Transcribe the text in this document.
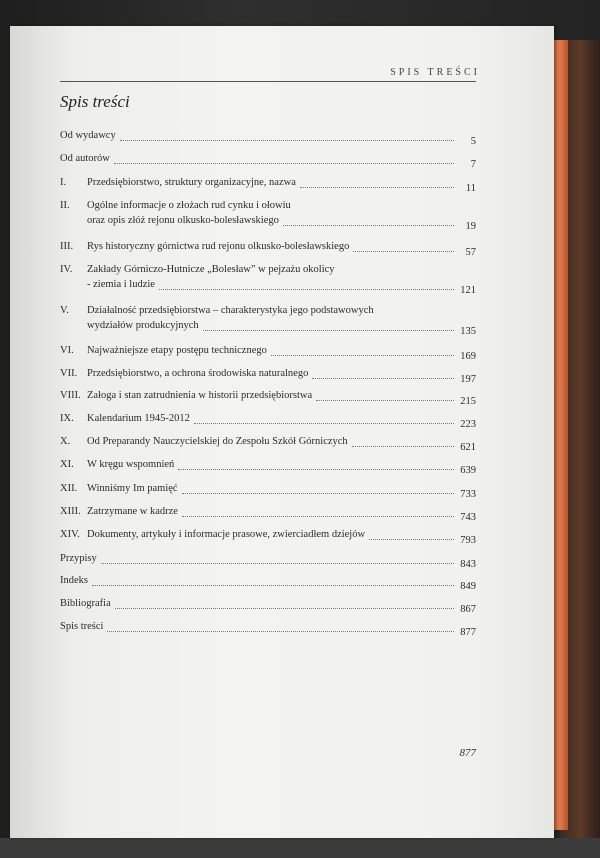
SPIS TREŚCI
Spis treści
Od wydawcy
5
Od autorów
7
I. Przedsiębiorstwo, struktury organizacyjne, nazwa
11
II.
oraz opis złóż rejonu olkusko-bolesławskiego
Ogólne informacje o złożach rud cynku i ołowiu
19
III. Rys historyczny górnictwa rud rejonu olkusko-bolesławskiego
57
IV.
- ziemia i ludzie
Zakłady Górniczo-Hutnicze „Bolesław” w pejzażu okolicy
121
V.
wydziałów produkcyjnych
Działalność przedsiębiorstwa – charakterystyka jego podstawowych
135
VI. Najważniejsze etapy postępu technicznego
169
VII. Przedsiębiorstwo, a ochrona środowiska naturalnego
197
VIII. Załoga i stan zatrudnienia w historii przedsiębiorstwa
215
IX. Kalendarium 1945-2012
223
X. Od Preparandy Nauczycielskiej do Zespołu Szkół Górniczych
621
XI. W kręgu wspomnień
639
XII. Winniśmy Im pamięć
733
XIII. Zatrzymane w kadrze
743
XIV. Dokumenty, artykuły i informacje prasowe, zwierciadłem dziejów
793
Przypisy
843
Indeks
849
Bibliografia
867
Spis treści
877
877
